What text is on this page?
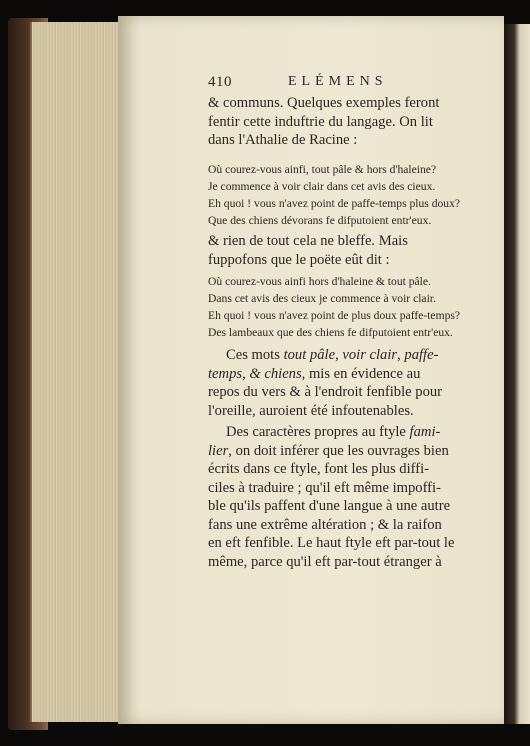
410	ELÉMENS
& communs. Quelques exemples feront
fentir cette induftrie du langage. On lit
dans l'Athalie de Racine :
Où courez-vous ainfi, tout pâle & hors d'haleine?
Je commence à voir clair dans cet avis des cieux.
Eh quoi ! vous n'avez point de paffe-temps plus doux?
Que des chiens dévorans fe difputoient entr'eux.
& rien de tout cela ne bleffe. Mais
fuppofons que le poëte eût dit :
Où courez-vous ainfi hors d'haleine & tout pâle.
Dans cet avis des cieux je commence à voir clair.
Eh quoi ! vous n'avez point de plus doux paffe-temps?
Des lambeaux que des chiens fe difputoient entr'eux.
Ces mots tout pâle, voir clair, paffe-
temps, & chiens, mis en évidence au
repos du vers & à l'endroit fenfible pour
l'oreille, auroient été infoutenables.
Des caractères propres au ftyle fami-
lier, on doit inférer que les ouvrages bien
écrits dans ce ftyle, font les plus diffi-
ciles à traduire ; qu'il eft même impoffi-
ble qu'ils paffent d'une langue à une autre
fans une extrême altération ; & la raifon
en eft fenfible. Le haut ftyle eft par-tout le
même, parce qu'il eft par-tout étranger à
